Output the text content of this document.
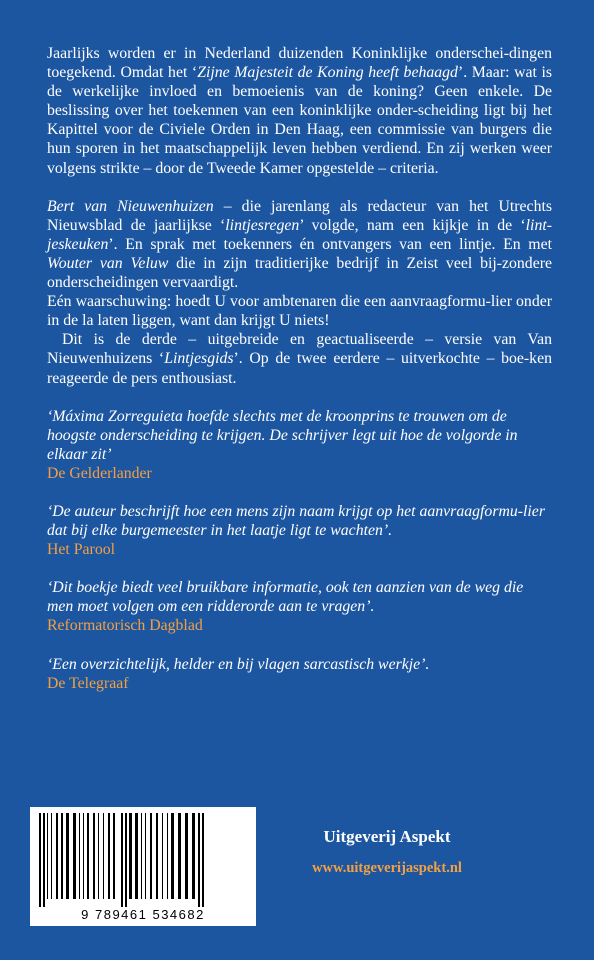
Jaarlijks worden er in Nederland duizenden Koninklijke onderschei-dingen toegekend. Omdat het ‘Zijne Majesteit de Koning heeft behaagd’. Maar: wat is de werkelijke invloed en bemoeienis van de koning? Geen enkele. De beslissing over het toekennen van een koninklijke onder-scheiding ligt bij het Kapittel voor de Civiele Orden in Den Haag, een commissie van burgers die hun sporen in het maatschappelijk leven hebben verdiend. En zij werken weer volgens strikte – door de Tweede Kamer opgestelde – criteria.

Bert van Nieuwenhuizen – die jarenlang als redacteur van het Utrechts Nieuwsblad de jaarlijkse ‘lintjesregen’ volgde, nam een kijkje in de ‘lint-jeskeuken’. En sprak met toekenners én ontvangers van een lintje. En met Wouter van Veluw die in zijn traditierijke bedrijf in Zeist veel bij-zondere onderscheidingen vervaardigt.

Eén waarschuwing: hoedt U voor ambtenaren die een aanvraagformu-lier onder in de la laten liggen, want dan krijgt U niets!

Dit is de derde – uitgebreide en geactualiseerde – versie van Van Nieuwenhuizens ‘Lintjesgids’. Op de twee eerdere – uitverkochte – boe-ken reageerde de pers enthousiast.

‘Máxima Zorreguieta hoefde slechts met de kroonprins te trouwen om de hoogste onderscheiding te krijgen. De schrijver legt uit hoe de volgorde in elkaar zit’

De Gelderlander

‘De auteur beschrijft hoe een mens zijn naam krijgt op het aanvraagformu-lier dat bij elke burgemeester in het laatje ligt te wachten’.

Het Parool

‘Dit boekje biedt veel bruikbare informatie, ook ten aanzien van de weg die men moet volgen om een ridderorde aan te vragen’.

Reformatorisch Dagblad

‘Een overzichtelijk, helder en bij vlagen sarcastisch werkje’.

De Telegraaf

9 789461 534682
Uitgeverij Aspekt
www.uitgeverijaspekt.nl
